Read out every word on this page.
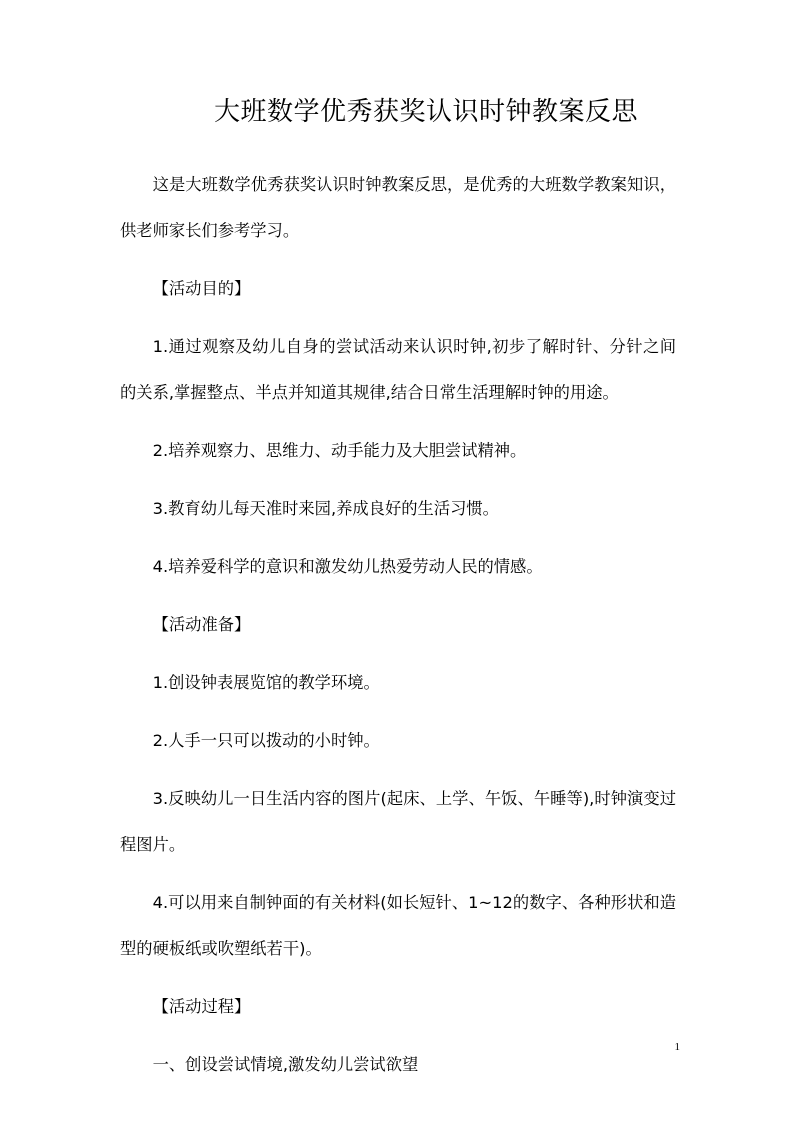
大班数学优秀获奖认识时钟教案反思

这是大班数学优秀获奖认识时钟教案反思，是优秀的大班数学教案知识，供老师家长们参考学习。

【活动目的】

1.通过观察及幼儿自身的尝试活动来认识时钟,初步了解时针、分针之间的关系,掌握整点、半点并知道其规律,结合日常生活理解时钟的用途。

2.培养观察力、思维力、动手能力及大胆尝试精神。

3.教育幼儿每天准时来园,养成良好的生活习惯。

4.培养爱科学的意识和激发幼儿热爱劳动人民的情感。

【活动准备】

1.创设钟表展览馆的教学环境。

2.人手一只可以拨动的小时钟。

3.反映幼儿一日生活内容的图片(起床、上学、午饭、午睡等),时钟演变过程图片。

4.可以用来自制钟面的有关材料(如长短针、1~12的数字、各种形状和造型的硬板纸或吹塑纸若干)。

【活动过程】

一、创设尝试情境,激发幼儿尝试欲望

1
